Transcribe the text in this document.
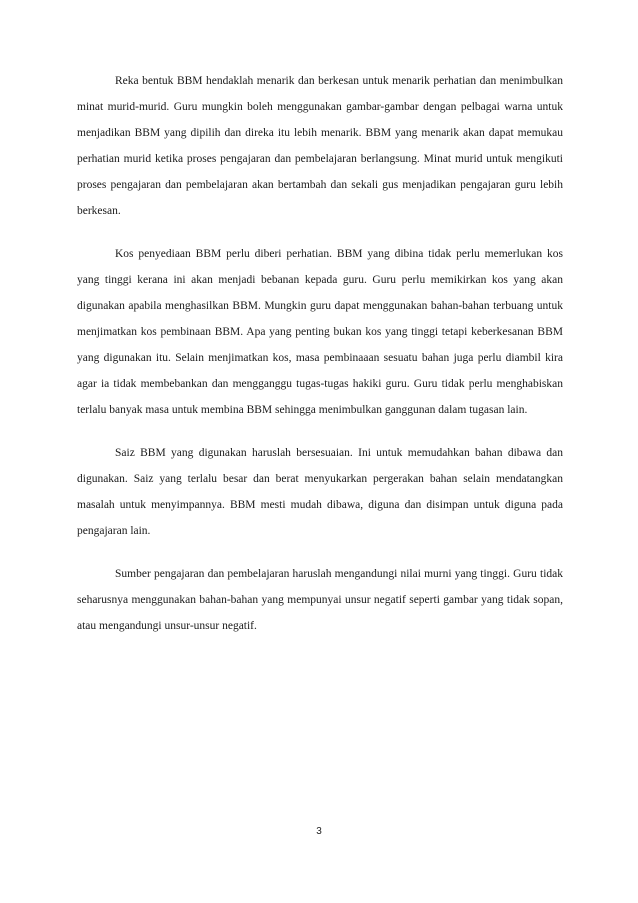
Reka bentuk BBM hendaklah menarik dan berkesan untuk menarik perhatian dan menimbulkan minat murid-murid. Guru mungkin boleh menggunakan gambar-gambar dengan pelbagai warna untuk menjadikan BBM yang dipilih dan direka itu lebih menarik. BBM yang menarik akan dapat memukau perhatian murid ketika proses pengajaran dan pembelajaran berlangsung. Minat murid untuk mengikuti proses pengajaran dan pembelajaran akan bertambah dan sekali gus menjadikan pengajaran guru lebih berkesan.

Kos penyediaan BBM perlu diberi perhatian. BBM yang dibina tidak perlu memerlukan kos yang tinggi kerana ini akan menjadi bebanan kepada guru. Guru perlu memikirkan kos yang akan digunakan apabila menghasilkan BBM. Mungkin guru dapat menggunakan bahan-bahan terbuang untuk menjimatkan kos pembinaan BBM. Apa yang penting bukan kos yang tinggi tetapi keberkesanan BBM yang digunakan itu. Selain menjimatkan kos, masa pembinaaan sesuatu bahan juga perlu diambil kira agar ia tidak membebankan dan mengganggu tugas-tugas hakiki guru. Guru tidak perlu menghabiskan terlalu banyak masa untuk membina BBM sehingga menimbulkan ganggunan dalam tugasan lain.

Saiz BBM yang digunakan haruslah bersesuaian. Ini untuk memudahkan bahan dibawa dan digunakan. Saiz yang terlalu besar dan berat menyukarkan pergerakan bahan selain mendatangkan masalah untuk menyimpannya. BBM mesti mudah dibawa, diguna dan disimpan untuk diguna pada pengajaran lain.

Sumber pengajaran dan pembelajaran haruslah mengandungi nilai murni yang tinggi. Guru tidak seharusnya menggunakan bahan-bahan yang mempunyai unsur negatif seperti gambar yang tidak sopan, atau mengandungi unsur-unsur negatif.

3
